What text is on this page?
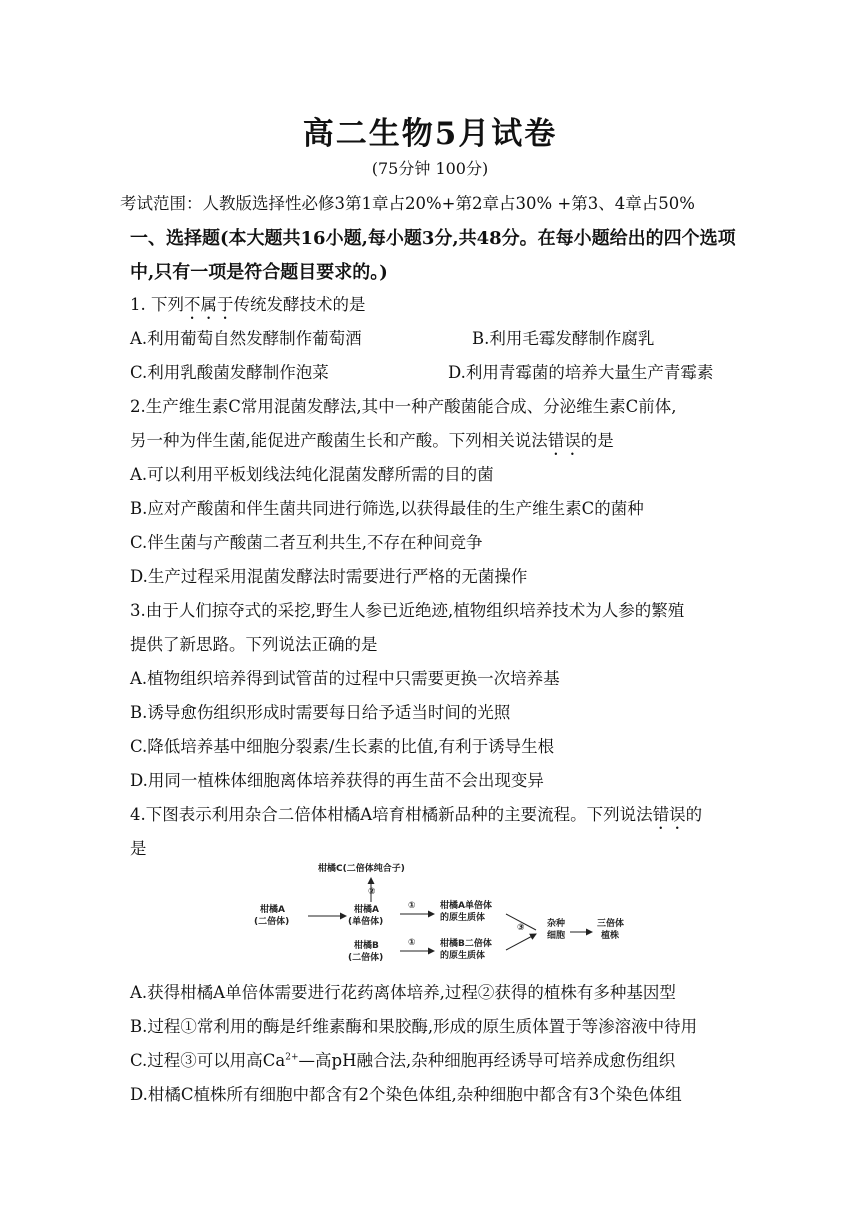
高二生物5月试卷
(75分钟 100分)
考试范围：人教版选择性必修3第1章占20%+第2章占30% +第3、4章占50%
一、选择题(本大题共16小题,每小题3分,共48分。在每小题给出的四个选项
中,只有一项是符合题目要求的。)
1. 下列不属于传统发酵技术的是
A.利用葡萄自然发酵制作葡萄酒	B.利用毛霉发酵制作腐乳
C.利用乳酸菌发酵制作泡菜	D.利用青霉菌的培养大量生产青霉素
2.生产维生素C常用混菌发酵法,其中一种产酸菌能合成、分泌维生素C前体,
另一种为伴生菌,能促进产酸菌生长和产酸。下列相关说法错误的是
A.可以利用平板划线法纯化混菌发酵所需的目的菌
B.应对产酸菌和伴生菌共同进行筛选,以获得最佳的生产维生素C的菌种
C.伴生菌与产酸菌二者互利共生,不存在种间竞争
D.生产过程采用混菌发酵法时需要进行严格的无菌操作
3.由于人们掠夺式的采挖,野生人参已近绝迹,植物组织培养技术为人参的繁殖
提供了新思路。下列说法正确的是
A.植物组织培养得到试管苗的过程中只需要更换一次培养基
B.诱导愈伤组织形成时需要每日给予适当时间的光照
C.降低培养基中细胞分裂素/生长素的比值,有利于诱导生根
D.用同一植株体细胞离体培养获得的再生苗不会出现变异
4.下图表示利用杂合二倍体柑橘A培育柑橘新品种的主要流程。下列说法错误的
是
柑橘C(二倍体纯合子)
②
柑橘A
(二倍体)
柑橘A
(单倍体)
①	柑橘A单倍体
的原生质体
③ 杂种
细胞
三倍体
植株
柑橘B
(二倍体)
①	柑橘B二倍体
的原生质体
A.获得柑橘A单倍体需要进行花药离体培养,过程②获得的植株有多种基因型
B.过程①常利用的酶是纤维素酶和果胶酶,形成的原生质体置于等渗溶液中待用
C.过程③可以用高$Ca^{2+}—$高pH融合法,杂种细胞再经诱导可培养成愈伤组织
D.柑橘C植株所有细胞中都含有2个染色体组,杂种细胞中都含有3个染色体组
